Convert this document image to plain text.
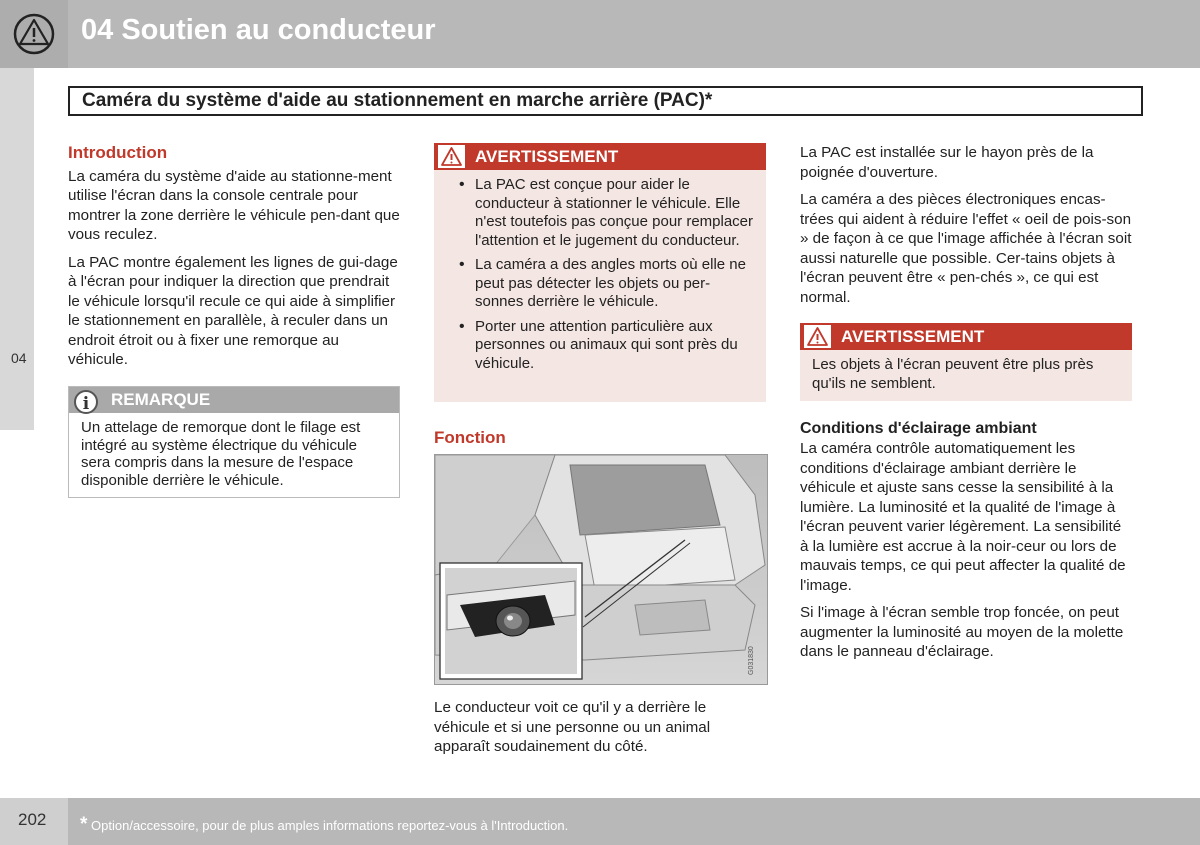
04 Soutien au conducteur
04
Caméra du système d'aide au stationnement en marche arrière (PAC)*
Introduction

La caméra du système d'aide au stationne-ment utilise l'écran dans la console centrale pour montrer la zone derrière le véhicule pen-dant que vous reculez.

La PAC montre également les lignes de gui-dage à l'écran pour indiquer la direction que prendrait le véhicule lorsqu'il recule ce qui aide à simplifier le stationnement en parallèle, à reculer dans un endroit étroit ou à fixer une remorque au véhicule.

i	REMARQUE
Un attelage de remorque dont le filage est intégré au système électrique du véhicule sera compris dans la mesure de l'espace disponible derrière le véhicule.
AVERTISSEMENT
• La PAC est conçue pour aider le conducteur à stationner le véhicule. Elle n'est toutefois pas conçue pour remplacer l'attention et le jugement du conducteur.
• La caméra a des angles morts où elle ne peut pas détecter les objets ou per-sonnes derrière le véhicule.
• Porter une attention particulière aux personnes ou animaux qui sont près du véhicule.
Fonction
G031830

Le conducteur voit ce qu'il y a derrière le véhicule et si une personne ou un animal apparaît soudainement du côté.

La PAC est installée sur le hayon près de la poignée d'ouverture.

La caméra a des pièces électroniques encas-trées qui aident à réduire l'effet « oeil de pois-son » de façon à ce que l'image affichée à l'écran soit aussi naturelle que possible. Cer-tains objets à l'écran peuvent être « pen-chés », ce qui est normal.

AVERTISSEMENT
Les objets à l'écran peuvent être plus près qu'ils ne semblent.
Conditions d'éclairage ambiant

La caméra contrôle automatiquement les conditions d'éclairage ambiant derrière le véhicule et ajuste sans cesse la sensibilité à la lumière. La luminosité et la qualité de l'image à l'écran peuvent varier légèrement. La sensibilité à la lumière est accrue à la noir-ceur ou lors de mauvais temps, ce qui peut affecter la qualité de l'image.

Si l'image à l'écran semble trop foncée, on peut augmenter la luminosité au moyen de la molette dans le panneau d'éclairage.

202 * Option/accessoire, pour de plus amples informations reportez-vous à l'Introduction.
